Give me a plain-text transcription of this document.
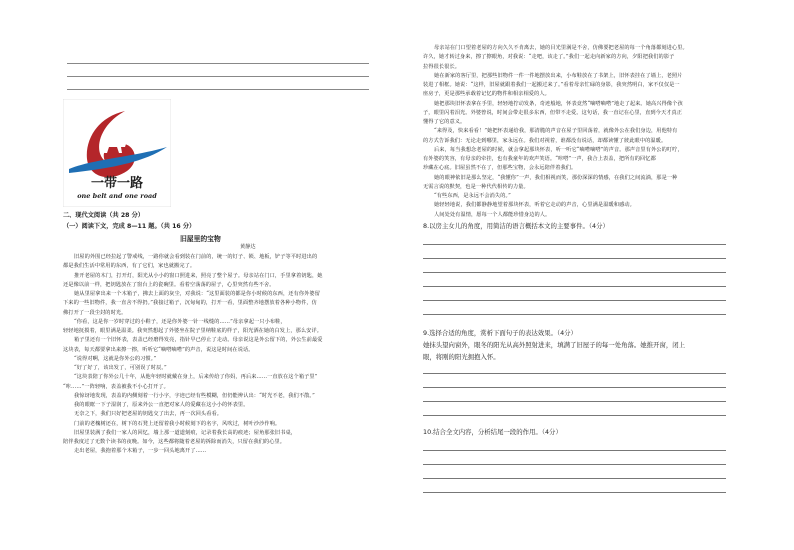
一带一路
one belt and one road
二、现代文阅读（共 28 分）
（一）阅读下文，完成 8—11 题。（共 16 分）
旧屋里的宝物
黄静达

旧屋的外围已经拉起了警戒线，一路你就会看到装在门前的，统一的钉子、锁、地板，铲子等平时进出的

都是我们生活中常用的东西，有了它们，家也就搬完了。

推开老屋的木门，打开灯，阳光从小小的窗口照进来，照亮了整个屋子。母亲站在门口，手里拿着钥匙，她

还是像以前一样，把钥匙放在了窗台上的瓷碗里。看着空荡荡的屋子，心里突然有些不舍。

她从里屋拿出来一个木箱子，拂去上面的灰尘，对我说：“这里面装的都是你小时候的东西，还有你外婆留

下来的一些旧物件，我一直舍不得扔。”我接过箱子，沉甸甸的，打开一看，里面整齐地摆放着各种小物件，仿

佛打开了一段尘封的时光。

“你看，这是你一岁时穿过的小鞋子，还是你外婆一针一线缝的……”母亲拿起一只小布鞋，

轻轻地抚摸着，眼里满是温柔。我突然想起了外婆坐在院子里纳鞋底的样子，阳光洒在她的白发上，那么安详。

箱子里还有一个旧怀表，表盖已经磨得发亮，指针早已停止了走动。母亲说这是外公留下的，外公生前最爱

这块表，每天都要拿出来擦一擦，听听它“嘀嗒嘀嗒”的声音，说这是时间在说话。

“说得对啊，这就是你外公的习惯。”

“好了好了，该出发了，可别误了时辰。”

“这块表陪了你外公几十年，从他年轻时就戴在身上，后来传给了你妈，再后来……一直放在这个箱子里”

“咔……”一阵轻响，表盖被我不小心打开了。

我惊讶地发现，表盖的内侧刻着一行小字，字迹已经有些模糊，但仍能辨认出：“时光不老，我们不散。”

我的眼眶一下子湿润了，原来外公一直把对家人的爱藏在这小小的怀表里。

无奈之下，我们只好把老屋的钥匙交了出去，再一次回头看看。

门前的老槐树还在，树下的石凳上还留着我小时候刻下的名字，风吹过，树叶沙沙作响。

旧屋里装满了我们一家人的回忆，墙上那一道道刻痕，记录着我长高的痕迹；屋角那张旧书桌，

陪伴我度过了无数个读书的夜晚。如今，这些都将随着老屋的拆除而消失，只留在我们的心里。

走出老屋，我抱着那个木箱子，一步一回头地离开了……

母亲站在门口望着老屋的方向久久不肯离去，她的目光里满是不舍，仿佛要把老屋的每一个角落都刻进心里。

许久，她才转过身来，擦了擦眼角，对我说：“走吧，该走了。”我们一起走向新家的方向，夕阳把我们的影子

拉得很长很长。

她在新家的客厅里，把那些旧物件一件一件地摆放出来，小布鞋放在了书架上，旧怀表挂在了墙上，老照片

装进了相框。她说：“这样，旧屋就跟着我们一起搬过来了。”看着母亲忙碌的身影，我突然明白，家不仅仅是一

座房子，更是那些承载着记忆的物件和相亲相爱的人。

她把那块旧怀表拿在手里，轻轻地拧动发条，奇迹般地，怀表竟然“嘀嗒嘀嗒”地走了起来。她高兴得像个孩

子，眼里闪着泪光。外婆曾说，时间会带走很多东西，但带不走爱。这句话，我一直记在心里，直到今天才真正

懂得了它的意义。

“来得及，快来看看！”她把怀表递给我，那清脆的声音在屋子里回荡着，就像外公在我们身边，用他特有

的方式告诉我们：无论走到哪里，家永远在。我们对视着，谁都没有说话，却都读懂了彼此眼中的温暖。

后来，每当我想念老屋的时候，就会拿起那块怀表，听一听它“嘀嗒嘀嗒”的声音。那声音里有外公的叮咛，

有外婆的笑容，有母亲的牵挂，也有我童年的欢声笑语。“咔嗒”一声，我合上表盖，把所有的回忆都

珍藏在心底。旧屋虽然不在了，但那些宝物，会永远陪伴着我们。

她的眼神依旧是那么坚定，“我懂你”一声，我们相视而笑，那份深深的情感，在我们之间流淌，那是一种

无需言说的默契，也是一种代代相传的力量。

“有些东西，是永远不会消失的。”

她轻轻地说，我们都静静地望着那块怀表，听着它走动的声音，心里满是温暖和感动。

人间处处有温情，愿每一个人都能珍惜身边的人。

8.以房主女儿的角度，用简洁的语言概括本文的主要事件。（4分）
9.选择合适的角度，赏析下面句子的表达效果。（4分）
她抹头望向窗外，眼冬的阳光从高外照射进来，填满了旧屋子的每一处角落。她推开窗，闭上
眼，将刚的阳光拥抱入怀。
10.结合全文内容，分析结尾一段的作用。（4分）
